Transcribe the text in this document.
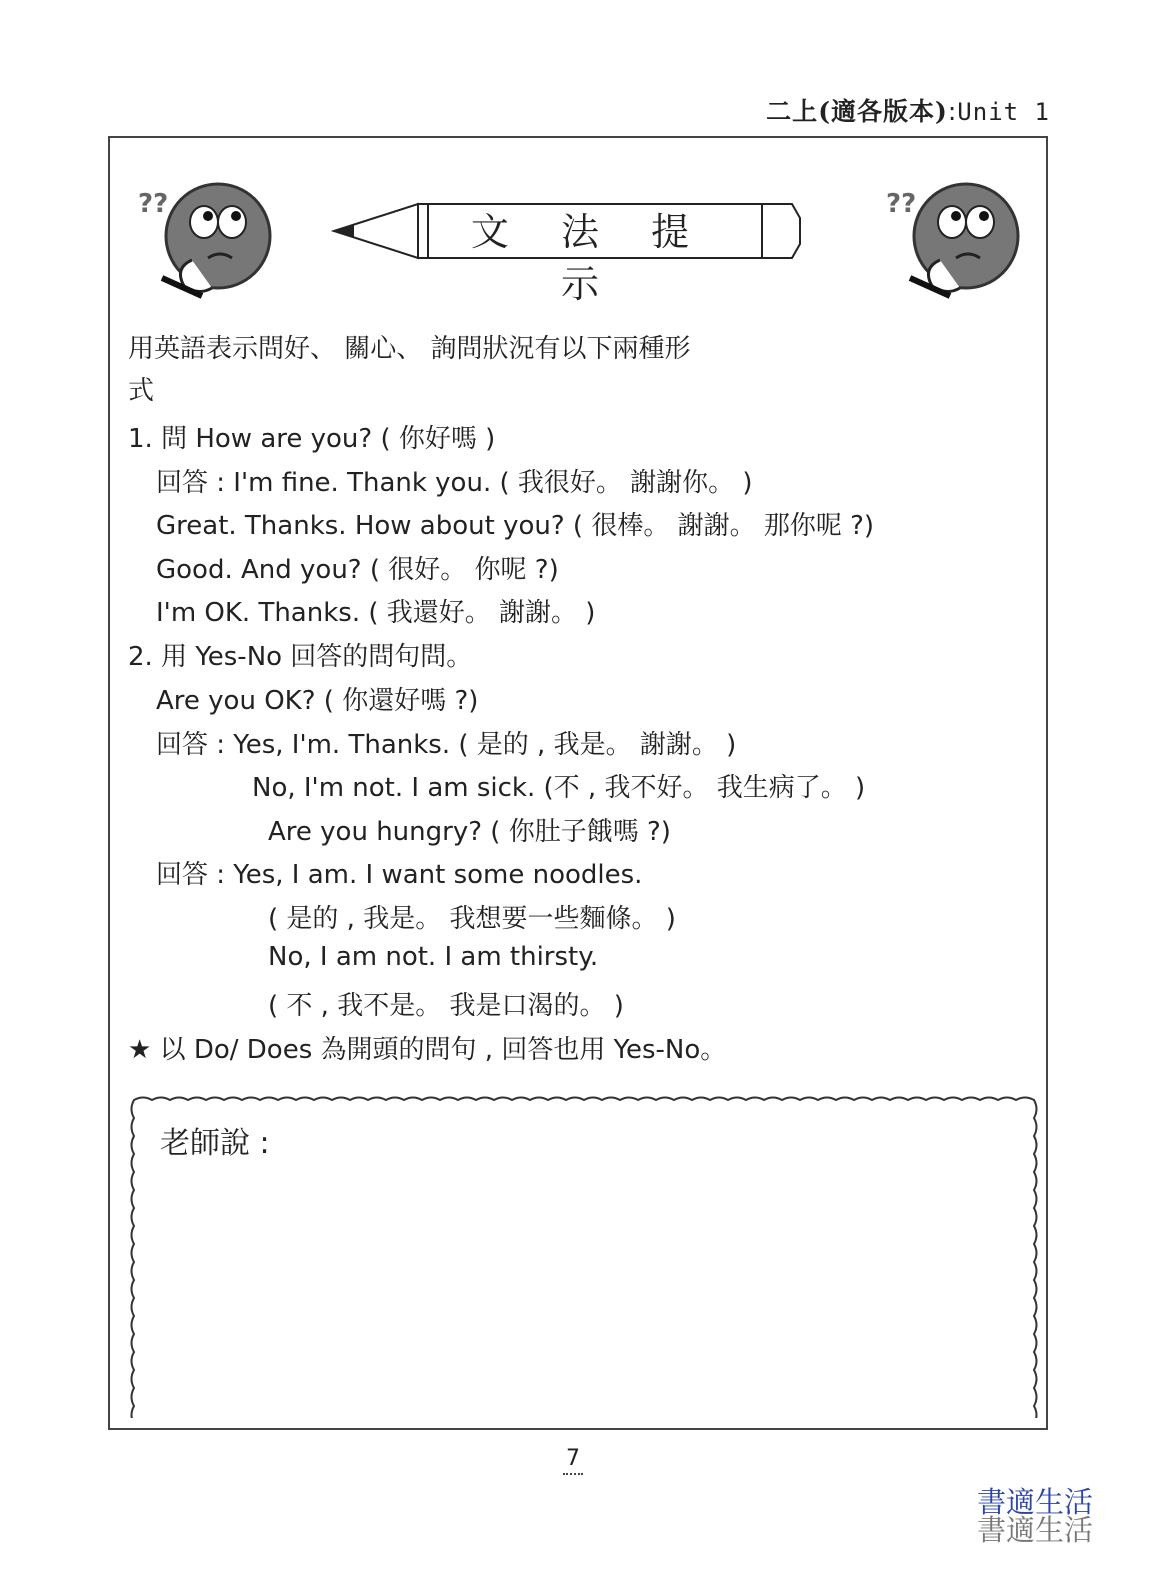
二上(適各版本):Unit 1
??	??
文 法 提 示
用英語表示問好、 關心、 詢問狀況有以下兩種形
式
1. 問 How are you? ( 你好嗎 )
回答 : I'm fine. Thank you. ( 我很好。 謝謝你。 )
Great. Thanks. How about you? ( 很棒。 謝謝。 那你呢 ?)
Good. And you? ( 很好。 你呢 ?)
I'm OK. Thanks. ( 我還好。 謝謝。 )
2. 用 Yes-No 回答的問句問。
Are you OK? ( 你還好嗎 ?)
回答 : Yes, I'm. Thanks. ( 是的 , 我是。 謝謝。 )
No, I'm not. I am sick. (不 , 我不好。 我生病了。 )
Are you hungry? ( 你肚子餓嗎 ?)
回答 : Yes, I am. I want some noodles.
( 是的 , 我是。 我想要一些麵條。 )
No, I am not. I am thirsty.
( 不 , 我不是。 我是口渴的。 )
★ 以 Do/ Does 為開頭的問句 , 回答也用 Yes-No。
老師說 :
7
書適生活
書適生活
